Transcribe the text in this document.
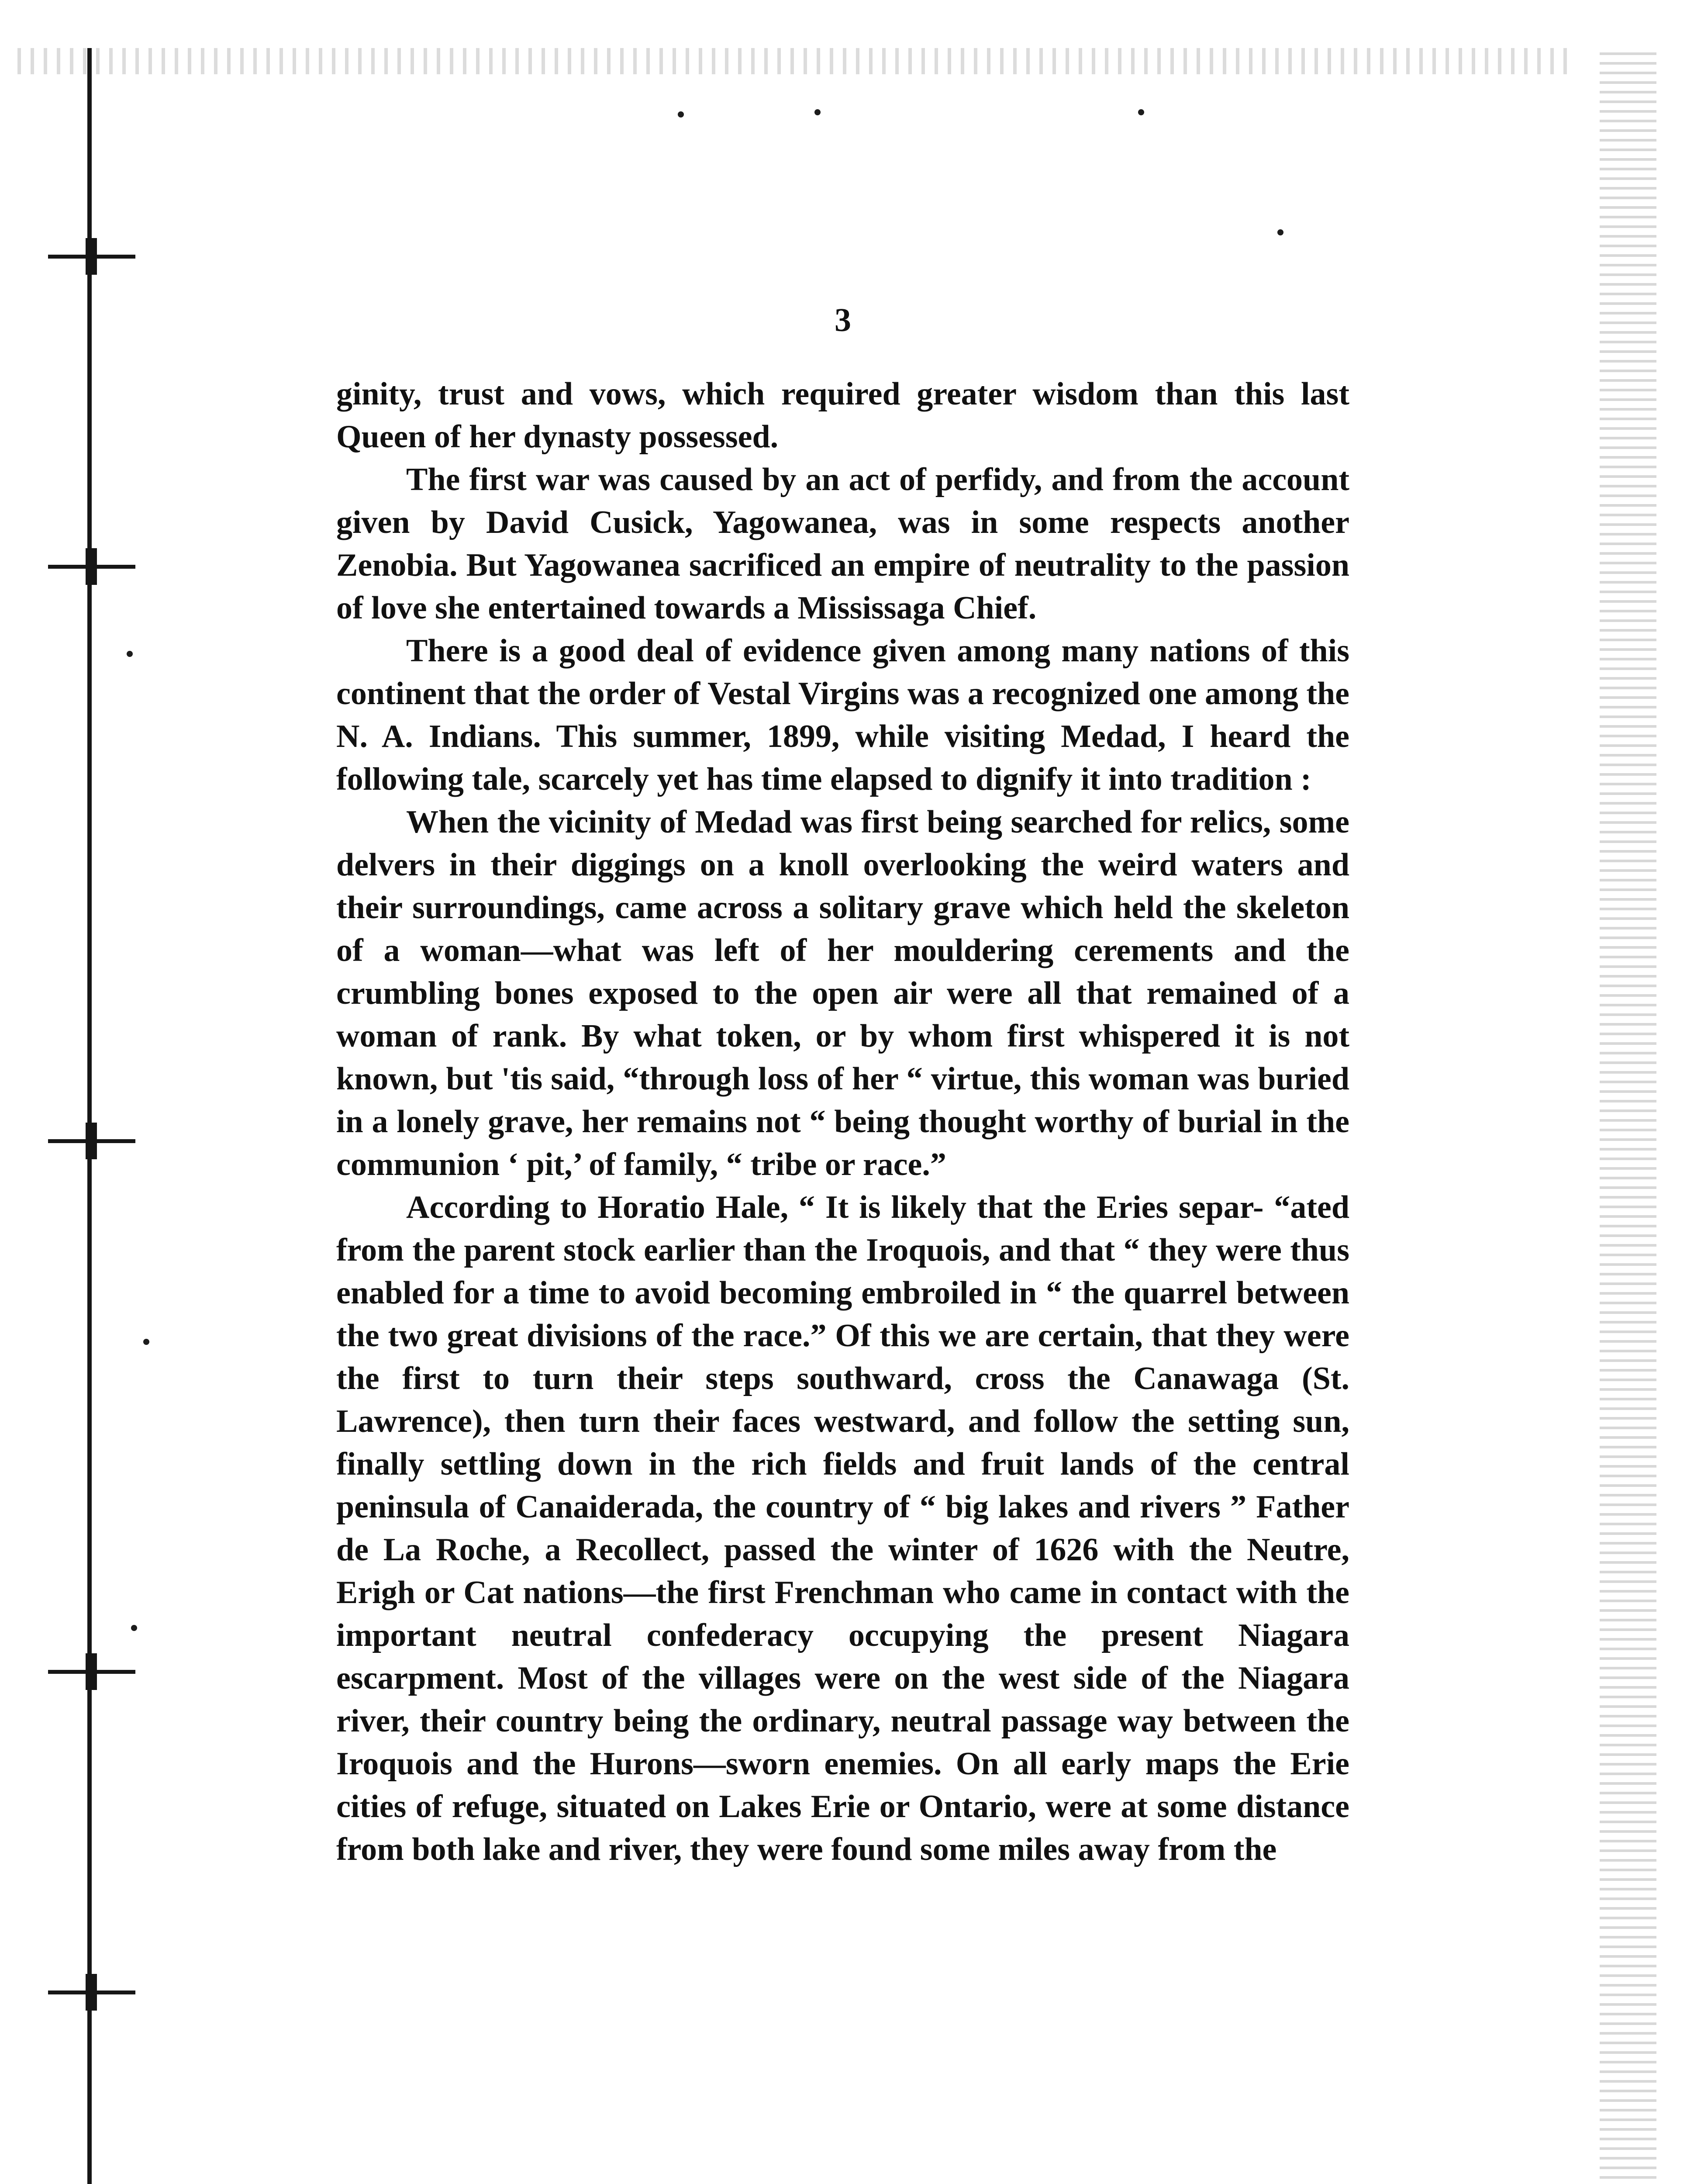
3

ginity, trust and vows, which required greater wisdom than this last Queen of her dynasty possessed.

The first war was caused by an act of perfidy, and from the account given by David Cusick, Yagowanea, was in some respects another Zenobia. But Yagowanea sacrificed an empire of neutrality to the passion of love she entertained towards a Mississaga Chief.

There is a good deal of evidence given among many nations of this continent that the order of Vestal Virgins was a recognized one among the N. A. Indians. This summer, 1899, while visiting Medad, I heard the following tale, scarcely yet has time elapsed to dignify it into tradition :

When the vicinity of Medad was first being searched for relics, some delvers in their diggings on a knoll overlooking the weird waters and their surroundings, came across a solitary grave which held the skeleton of a woman—what was left of her mouldering cerements and the crumbling bones exposed to the open air were all that remained of a woman of rank. By what token, or by whom first whispered it is not known, but 'tis said, “through loss of her “ virtue, this woman was buried in a lonely grave, her remains not “ being thought worthy of burial in the communion ‘ pit,’ of family, “ tribe or race.”

According to Horatio Hale, “ It is likely that the Eries separ- “ated from the parent stock earlier than the Iroquois, and that “ they were thus enabled for a time to avoid becoming embroiled in “ the quarrel between the two great divisions of the race.” Of this we are certain, that they were the first to turn their steps southward, cross the Canawaga (St. Lawrence), then turn their faces westward, and follow the setting sun, finally settling down in the rich fields and fruit lands of the central peninsula of Canaiderada, the country of “ big lakes and rivers ” Father de La Roche, a Recollect, passed the winter of 1626 with the Neutre, Erigh or Cat nations—the first Frenchman who came in contact with the important neutral confederacy occupying the present Niagara escarpment. Most of the villages were on the west side of the Niagara river, their country being the ordinary, neutral passage way between the Iroquois and the Hurons—sworn enemies. On all early maps the Erie cities of refuge, situated on Lakes Erie or Ontario, were at some distance from both lake and river, they were found some miles away from the
